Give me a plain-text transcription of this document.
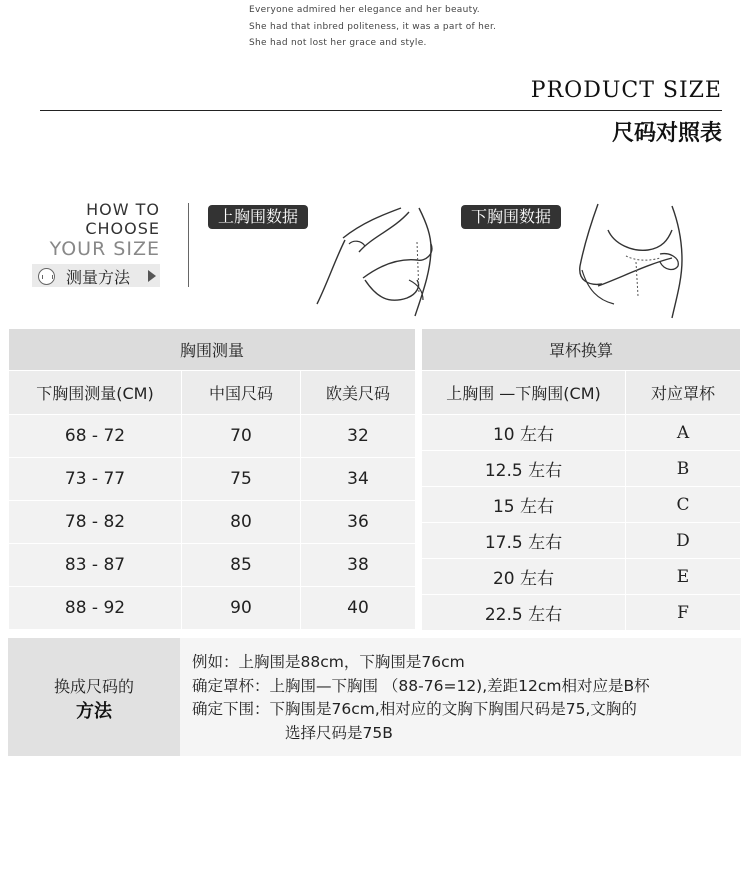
Everyone admired her elegance and her beauty.
She had that inbred politeness, it was a part of her.
She had not lost her grace and style.
PRODUCT SIZE
尺码对照表
HOW TO
CHOOSE
YOUR SIZE
测量方法
上胸围数据	下胸围数据
胸围测量		
下胸围测量(CM)	中国尺码	欧美尺码
68 - 72	70	32
73 - 77	75	34
78 - 82	80	36
83 - 87	85	38
88 - 92	90	40
罩杯换算	
上胸围 —下胸围(CM)	对应罩杯
10 左右	A
12.5 左右	B
15 左右	C
17.5 左右	D
20 左右	E
22.5 左右	F
换成尺码的
方法
例如：上胸围是88cm，下胸围是76cm
确定罩杯：上胸围—下胸围 （88-76=12),差距12cm相对应是B杯
确定下围：下胸围是76cm,相对应的文胸下胸围尺码是75,文胸的
选择尺码是75B
